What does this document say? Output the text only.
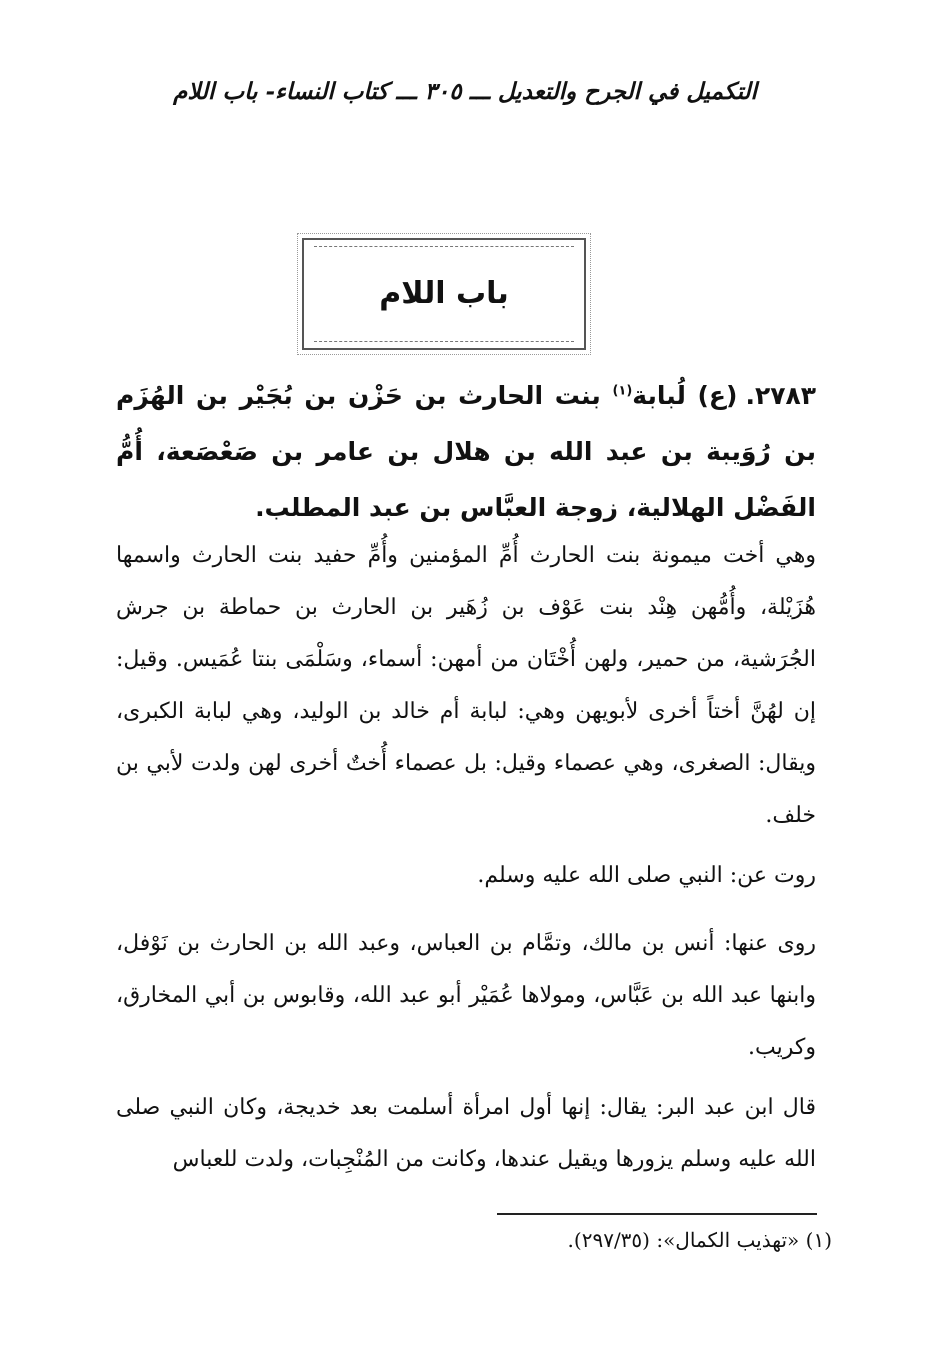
التكميل في الجرح والتعديل ـــ ٣٠٥ ـــ كتاب النساء- باب اللام
باب اللام
٢٧٨٣.(ع) لُبابة$^{(١)}$ بنت الحارث بن حَزْن بن بُجَيْر بن الهُزَم بن رُوَيبة بن عبد الله بن هلال بن عامر بن صَعْصَعة، أُمُّ الفَضْل الهلالية، زوجة العبَّاس بن عبد المطلب.
وهي أخت ميمونة بنت الحارث أُمِّ المؤمنين وأُمِّ حفيد بنت الحارث واسمها هُزَيْلة، وأُمُّهن هِنْد بنت عَوْف بن زُهَير بن الحارث بن حماطة بن جرش الجُرَشية، من حمير، ولهن أُخْتَان من أمهن: أسماء، وسَلْمَى بنتا عُمَيس. وقيل: إن لهُنَّ أختاً أخرى لأبويهن وهي: لبابة أم خالد بن الوليد، وهي لبابة الكبرى، ويقال: الصغرى، وهي عصماء وقيل: بل عصماء أُختٌ أخرى لهن ولدت لأبي بن خلف.
روت عن: النبي صلى الله عليه وسلم.
روى عنها: أنس بن مالك، وتمَّام بن العباس، وعبد الله بن الحارث بن نَوْفل، وابنها عبد الله بن عَبَّاس، ومولاها عُمَيْر أبو عبد الله، وقابوس بن أبي المخارق، وكريب.
قال ابن عبد البر: يقال: إنها أول امرأة أسلمت بعد خديجة، وكان النبي صلى الله عليه وسلم يزورها ويقيل عندها، وكانت من المُنْجِبات، ولدت للعباس
(١) «تهذيب الكمال»: (٢٩٧/٣٥).
